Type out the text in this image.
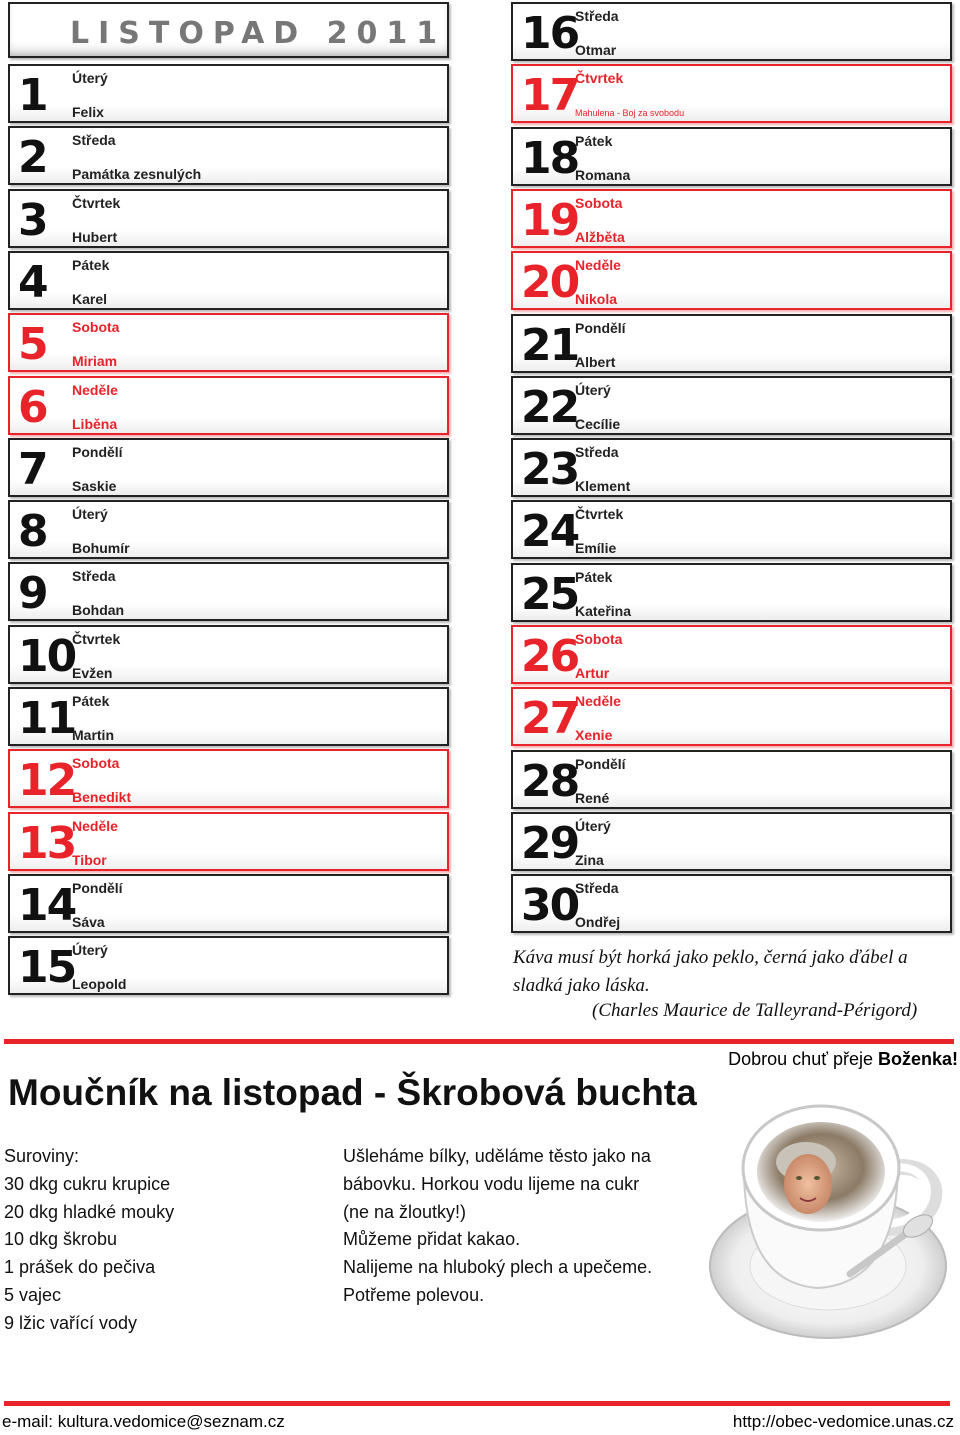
LISTOPAD 2011
1 Úterý
Felix
2 Středa
Památka zesnulých
3 Čtvrtek
Hubert
4 Pátek
Karel
5 Sobota
Miriam
6 Neděle
Liběna
7 Pondělí
Saskie
8 Úterý
Bohumír
9 Středa
Bohdan
10
Čtvrtek
Evžen
11
Pátek
Martin
12
Sobota
Benedikt
13
Neděle
Tibor
14
Pondělí
Sáva
15
Úterý
Leopold
16
Středa
Otmar
17
Čtvrtek
Mahulena - Boj za svobodu
18
Pátek
Romana
19
Sobota
Alžběta
20
Neděle
Nikola
21
Pondělí
Albert
22
Úterý
Cecílie
23
Středa
Klement
24
Čtvrtek
Emílie
25
Pátek
Kateřina
26
Sobota
Artur
27
Neděle
Xenie
28
Pondělí
René
29
Úterý
Zina
30
Středa
Ondřej
Káva musí být horká jako peklo, černá jako ďábel a sladká jako láska.
(Charles Maurice de Talleyrand-Périgord)
Dobrou chuť přeje Boženka!
Moučník na listopad - Škrobová buchta
Suroviny:
30 dkg cukru krupice
20 dkg hladké mouky
10 dkg škrobu
1 prášek do pečiva
5 vajec
9 lžic vařící vody
Ušleháme bílky, uděláme těsto jako na
bábovku. Horkou vodu lijeme na cukr
(ne na žloutky!)
Můžeme přidat kakao.
Nalijeme na hluboký plech a upečeme.
Potřeme polevou.
e-mail: kultura.vedomice@seznam.cz	http://obec-vedomice.unas.cz
